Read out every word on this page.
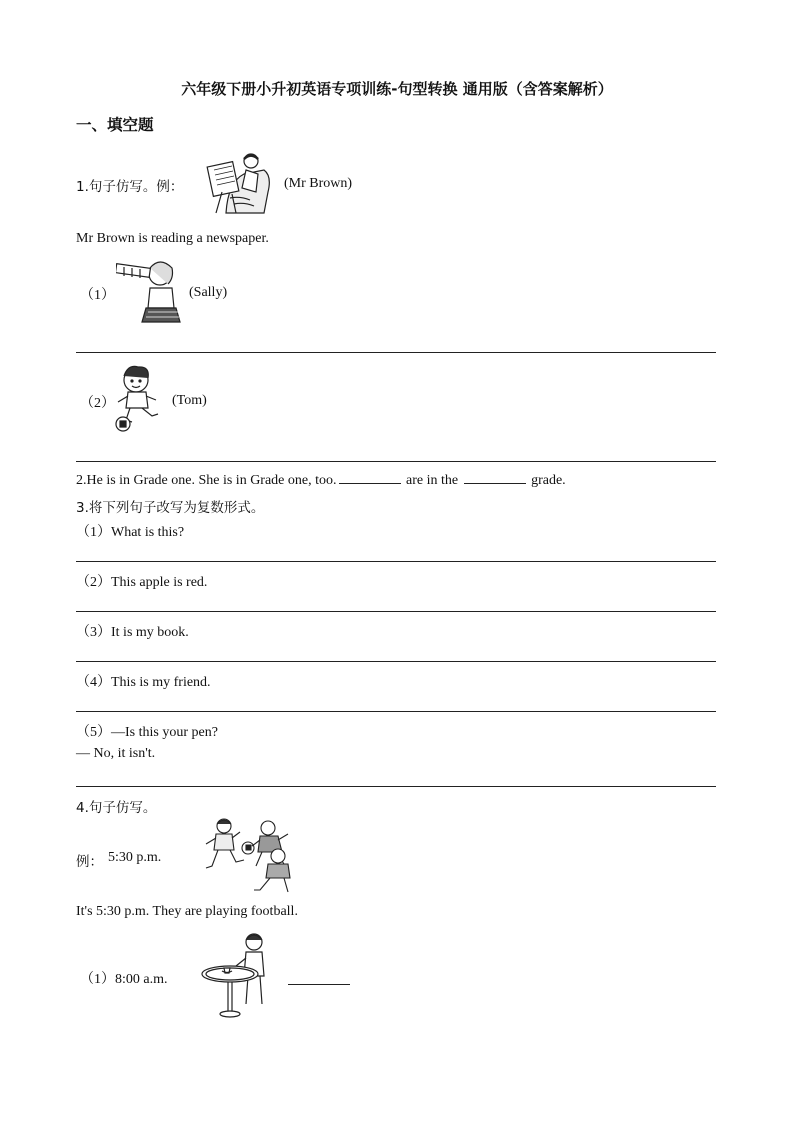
六年级下册小升初英语专项训练-句型转换 通用版（含答案解析）
一、填空题
1.句子仿写。例：	(Mr Brown)
Mr Brown is reading a newspaper.
（1）	(Sally)
（2）	(Tom)
2.He is in Grade one. She is in Grade one, too.	are in the	grade.
3.将下列句子改写为复数形式。
（1）What is this?
（2）This apple is red.
（3）It is my book.
（4）This is my friend.
（5）—Is this your pen?
— No, it isn't.
4.句子仿写。
例： 5:30 p.m.
It's 5:30 p.m. They are playing football.
（1）8:00 a.m.
